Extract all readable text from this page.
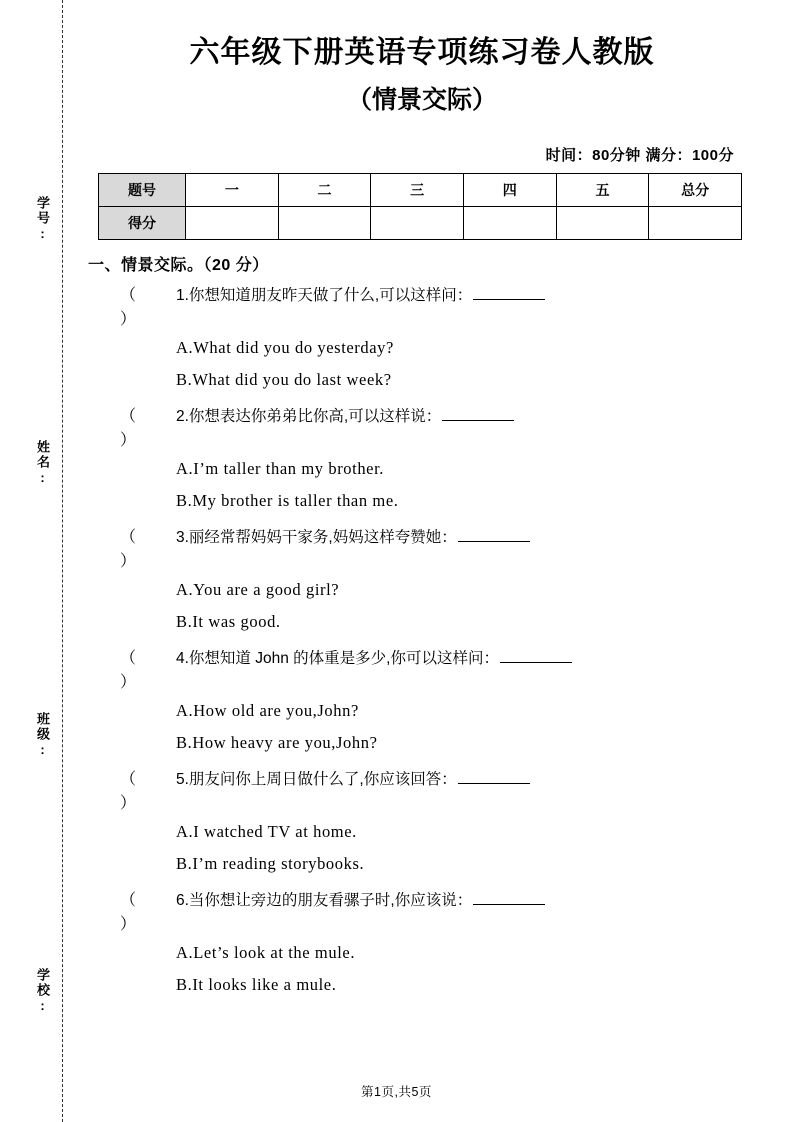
学号:
姓名:
班级:
学校:
六年级下册英语专项练习卷人教版
（情景交际）
时间：80分钟 满分：100分
题号	一	二	三	四	五	总分
得分						
一、情景交际。（20 分）
（ ）
1.你想知道朋友昨天做了什么,可以这样问：
A.What did you do yesterday?
B.What did you do last week?
（ ）
2.你想表达你弟弟比你高,可以这样说：
A.I’m taller than my brother.
B.My brother is taller than me.
（ ）
3.丽经常帮妈妈干家务,妈妈这样夸赞她：
A.You are a good girl?
B.It was good.
（ ）
4.你想知道 John 的体重是多少,你可以这样问：
A.How old are you,John?
B.How heavy are you,John?
（ ）
5.朋友问你上周日做什么了,你应该回答：
A.I watched TV at home.
B.I’m reading storybooks.
（ ）
6.当你想让旁边的朋友看骡子时,你应该说：
A.Let’s look at the mule.
B.It looks like a mule.
第1页,共5页
